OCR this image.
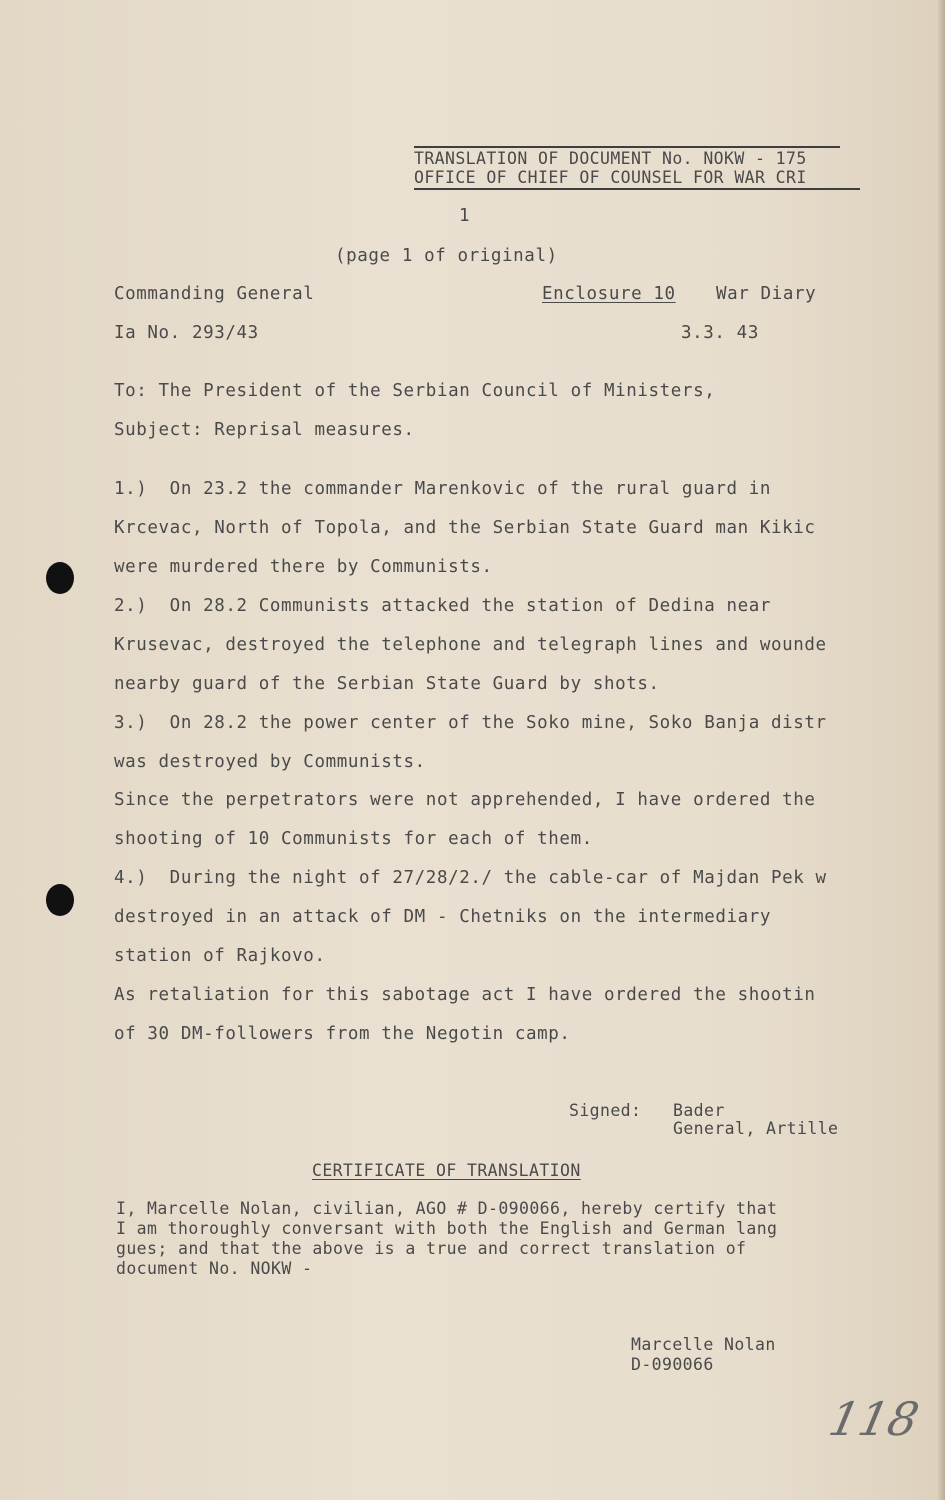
TRANSLATION OF DOCUMENT No. NOKW - 175
OFFICE OF CHIEF OF COUNSEL FOR WAR CRI
1
(page 1 of original)
Commanding General	Enclosure 10 War Diary
Ia No. 293/43	3.3. 43
To: The President of the Serbian Council of Ministers,
Subject: Reprisal measures.
1.)  On 23.2 the commander Marenkovic of the rural guard in
Krcevac, North of Topola, and the Serbian State Guard man Kikic
were murdered there by Communists.
2.)  On 28.2 Communists attacked the station of Dedina near
Krusevac, destroyed the telephone and telegraph lines and wounde
nearby guard of the Serbian State Guard by shots.
3.)  On 28.2 the power center of the Soko mine, Soko Banja distr
was destroyed by Communists.
Since the perpetrators were not apprehended, I have ordered the
shooting of 10 Communists for each of them.
4.)  During the night of 27/28/2./ the cable-car of Majdan Pek w
destroyed in an attack of DM - Chetniks on the intermediary
station of Rajkovo.
As retaliation for this sabotage act I have ordered the shootin
of 30 DM-followers from the Negotin camp.
Signed: Bader
General, Artille
CERTIFICATE OF TRANSLATION
I, Marcelle Nolan, civilian, AGO # D-090066, hereby certify that
I am thoroughly conversant with both the English and German lang
gues; and that the above is a true and correct translation of
document No. NOKW -
Marcelle Nolan
D-090066
118
